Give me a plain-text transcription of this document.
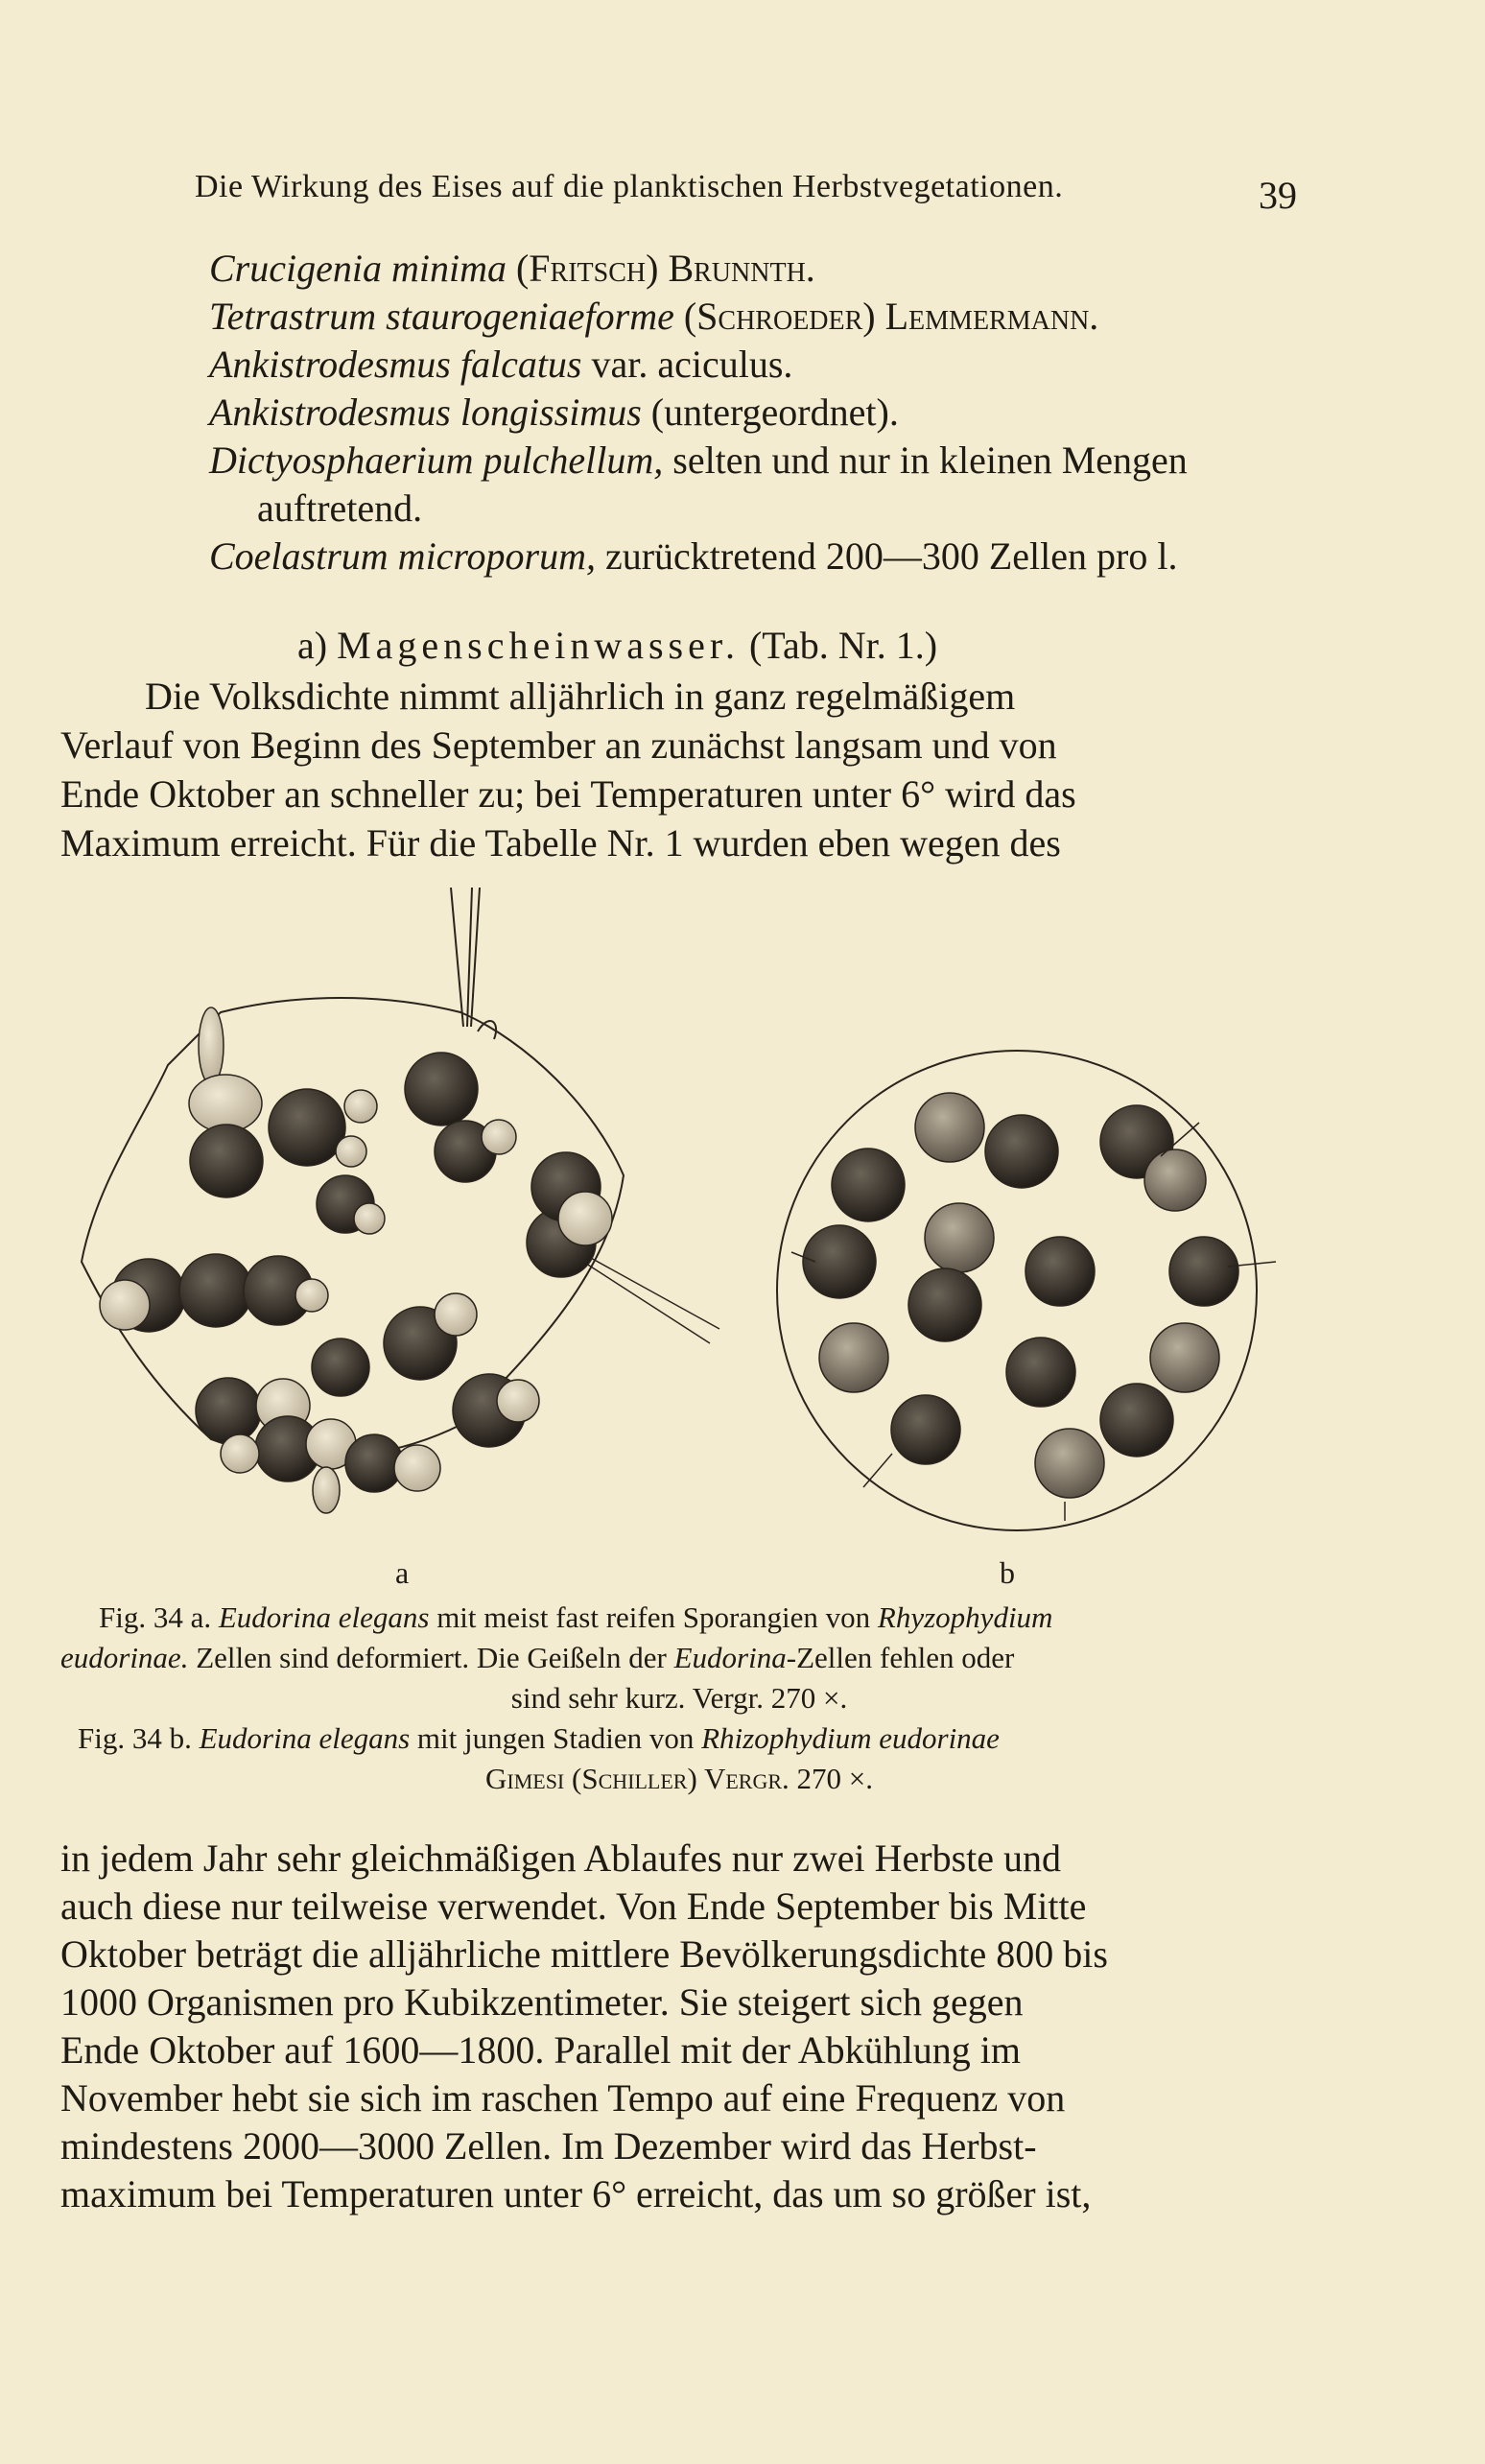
Die Wirkung des Eises auf die planktischen Herbstvegetationen.	39
Crucigenia minima (Fritsch) Brunnth.
Tetrastrum staurogeniaeforme (Schroeder) Lemmermann.
Ankistrodesmus falcatus var. aciculus.
Ankistrodesmus longissimus (untergeordnet).
Dictyosphaerium pulchellum, selten und nur in kleinen Mengen
auftretend.
Coelastrum microporum, zurücktretend 200—300 Zellen pro l.
a) Magenscheinwasser. (Tab. Nr. 1.)
Die Volksdichte nimmt alljährlich in ganz regelmäßigem
Verlauf von Beginn des September an zunächst langsam und von
Ende Oktober an schneller zu; bei Temperaturen unter 6° wird das
Maximum erreicht. Für die Tabelle Nr. 1 wurden eben wegen des
a	b

Fig. 34 a. Eudorina elegans mit meist fast reifen Sporangien von Rhyzophydium

eudorinae. Zellen sind deformiert. Die Geißeln der Eudorina-Zellen fehlen oder

sind sehr kurz. Vergr. 270 ×.

Fig. 34 b. Eudorina elegans mit jungen Stadien von Rhizophydium eudorinae

Gimesi (Schiller) Vergr. 270 ×.

in jedem Jahr sehr gleichmäßigen Ablaufes nur zwei Herbste und
auch diese nur teilweise verwendet. Von Ende September bis Mitte
Oktober beträgt die alljährliche mittlere Bevölkerungsdichte 800 bis
1000 Organismen pro Kubikzentimeter. Sie steigert sich gegen
Ende Oktober auf 1600—1800. Parallel mit der Abkühlung im
November hebt sie sich im raschen Tempo auf eine Frequenz von
mindestens 2000—3000 Zellen. Im Dezember wird das Herbst-
maximum bei Temperaturen unter 6° erreicht, das um so größer ist,
